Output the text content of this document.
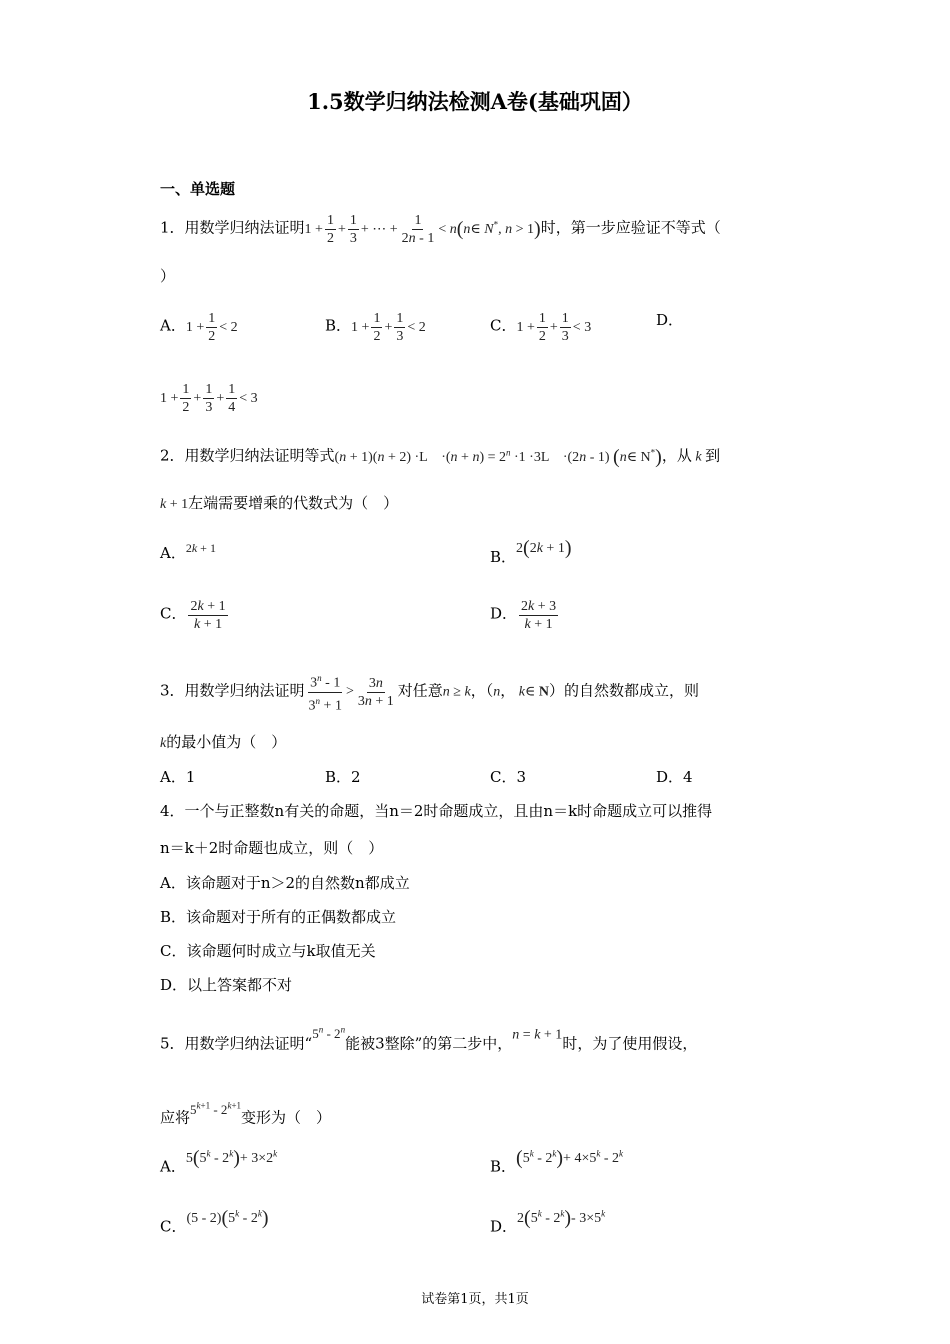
1.5数学归纳法检测A卷(基础巩固）
一、单选题
1．用数学归纳法证明$1 + \frac{1}{2} + \frac{1}{3}$ + ⋯ + $\frac{1}{2n - 1}$ < n(n∈ N*, n > 1)时，第一步应验证不等式（
）
A．$1 + \frac{1}{2} < 2$	B．$1 + \frac{1}{2} + \frac{1}{3} < 2$	C．$1 + \frac{1}{2} + \frac{1}{3} < 3$	D．
$1 + \frac{1}{2} + \frac{1}{3} + \frac{1}{4} < 3$
2．用数学归纳法证明等式(n + 1)(n + 2) ·L　$\cdot(n + n) = 2^n \cdot 1 \cdot 3L$　·(2n - 1) (n∈ N*)，从 k 到
k + 1左端需要增乘的代数式为（　）
A．$^{2k + 1}$	B．2(2k + 1)
C． $\frac{2k + 1}{k + 1}$	D． $\frac{2k + 3}{k + 1}$
3．用数学归纳法证明 $\frac{3^n - 1}{3^n + 1} > \frac{3n}{3n + 1}$ 对任意n ≥ k，（n， k∈ N）的自然数都成立，则
k的最小值为（　）
A．1	B．2	C．3	D．4
4．一个与正整数n有关的命题，当n＝2时命题成立，且由n＝k时命题成立可以推得
n＝k＋2时命题也成立，则（　）
A．该命题对于n＞2的自然数n都成立
B．该命题对于所有的正偶数都成立
C．该命题何时成立与k取值无关
D．以上答案都不对
5．用数学归纳法证明“5$^n$ - 2$^n$能被3整除”的第二步中，n = k + 1时，为了使用假设，
应将$5^{k+1} - 2^{k+1}$变形为（　）
A．$5(5^k - 2^k)+ 3\times 2^k$
B．$(5^k - 2^k)+ 4\times 5^k - 2^k$
C．(5 - 2)(5$^k$ - 2$^k$)	D．2(5$^k$ - 2$^k$)- $3\times 5^k$
试卷第1页，共1页
